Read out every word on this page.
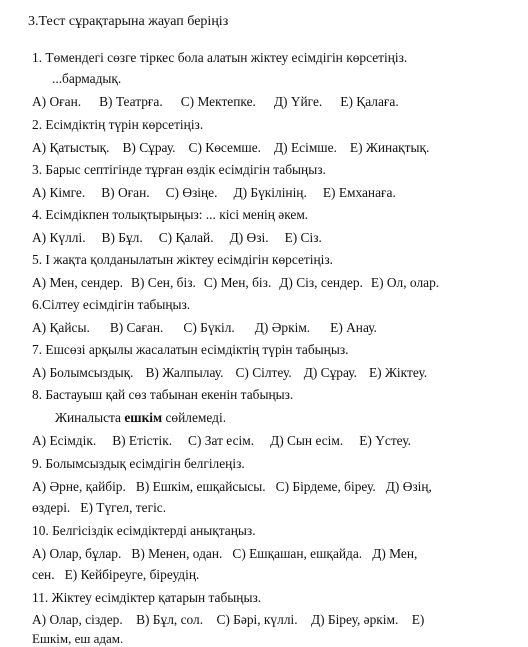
3.Тест сұрақтарына жауап беріңіз
1. Төмендегі сөзге тіркес бола алатын жіктеу есімдігін көрсетіңіз.
...бармадық.
А) Оған. В) Театрға. С) Мектепке. Д) Үйге. Е) Қалаға.
2. Есімдіктің түрін көрсетіңіз.
А) Қатыстық. В) Сұрау. С) Көсемше. Д) Есімше. Е) Жинақтық.
3. Барыс септігінде тұрған өздік есімдігін табыңыз.
А) Кімге. В) Оған. С) Өзіңе. Д) Бүкілінің. Е) Емханаға.
4. Есімдікпен толықтырыңыз: ... кісі менің әкем.
А) Күллі. В) Бұл. С) Қалай. Д) Өзі. Е) Сіз.
5. І жақта қолданылатын жіктеу есімдігін көрсетіңіз.
А) Мен, сендер. В) Сен, біз. С) Мен, біз. Д) Сіз, сендер. Е) Ол, олар.
6.Сілтеу есімдігін табыңыз.
А) Қайсы. В) Саған. С) Бүкіл. Д) Әркім. Е) Анау.
7. Ешсөзі арқылы жасалатын есімдіктің түрін табыңыз.
А) Болымсыздық. В) Жалпылау. С) Сілтеу. Д) Сұрау. Е) Жіктеу.
8. Бастауыш қай сөз табынан екенін табыңыз.
Жиналыста ешкім сөйлемеді.
А) Есімдік. В) Етістік. С) Зат есім. Д) Сын есім. Е) Үстеу.
9. Болымсыздық есімдігін белгілеңіз.
А) Әрне, қайбір.   В) Ешкім, ешқайсысы.   С) Бірдеме, біреу.   Д) Өзің,
өздері.   Е) Түгел, тегіс.
10. Белгісіздік есімдіктерді анықтаңыз.
А) Олар, бұлар.   В) Менен, одан.   С) Ешқашан, ешқайда.   Д) Мен,
сен.   Е) Кейбіреуге, біреудің.
11. Жіктеу есімдіктер қатарын табыңыз.
А) Олар, сіздер.    В) Бұл, сол.    С) Бәрі, күллі.    Д) Біреу, әркім.    Е)
Ешкім, еш адам.
